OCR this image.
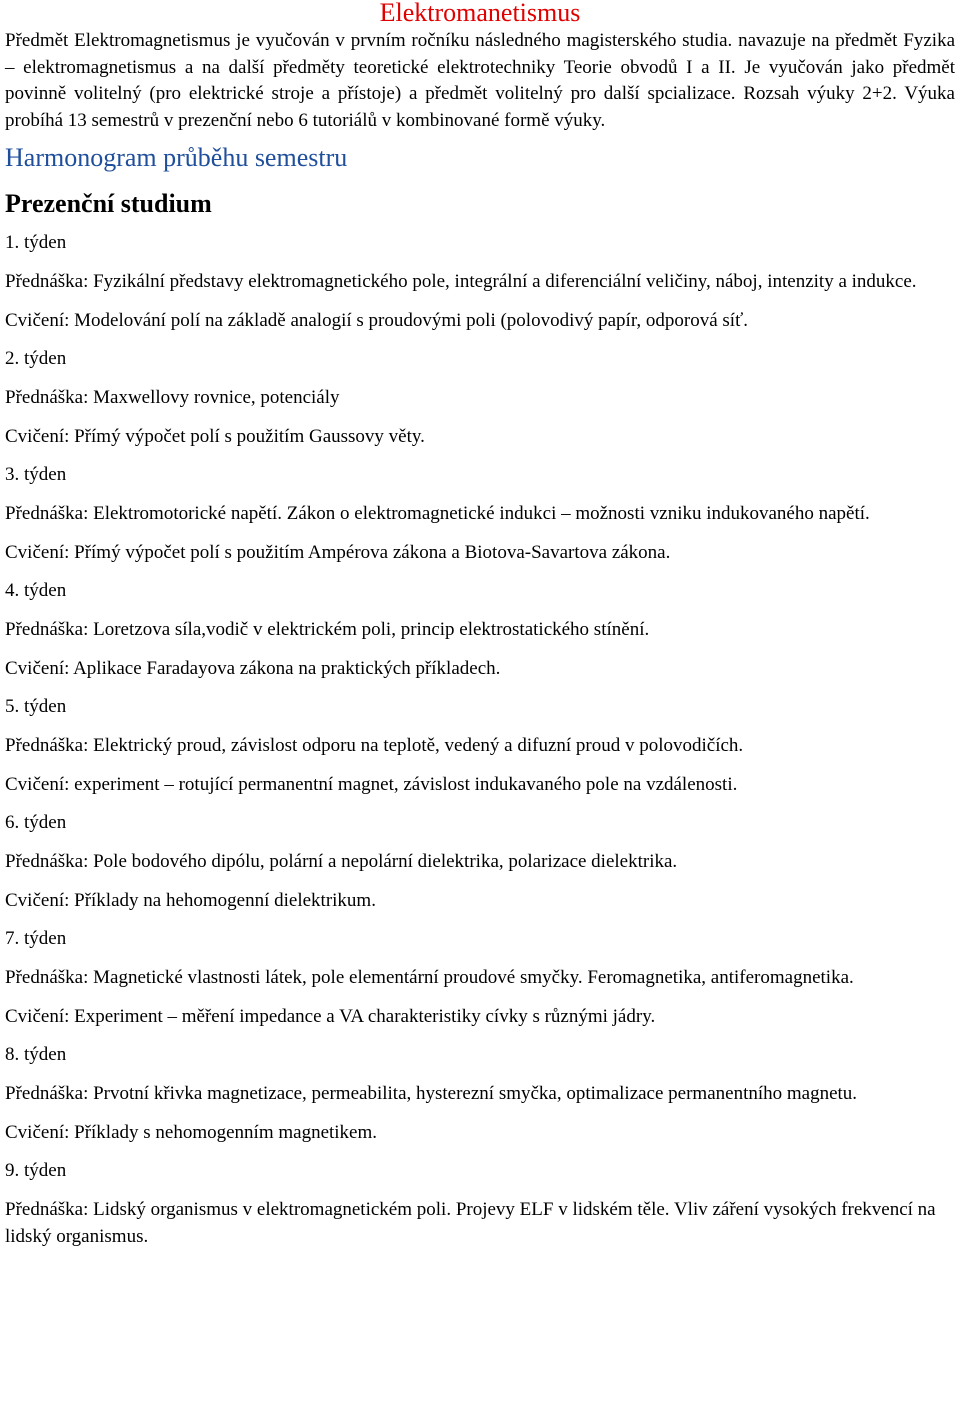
Elektromanetismus

Předmět Elektromagnetismus je vyučován v prvním ročníku následného magisterského studia. navazuje na předmět Fyzika – elektromagnetismus a na další předměty teoretické elektrotechniky Teorie obvodů I a II. Je vyučován jako předmět povinně volitelný (pro elektrické stroje a přístoje) a předmět volitelný pro další spcializace. Rozsah výuky 2+2. Výuka probíhá 13 semestrů v prezenční nebo 6 tutoriálů v kombinované formě výuky.

Harmonogram průběhu semestru
Prezenční studium

1. týden

Přednáška: Fyzikální představy elektromagnetického pole, integrální a diferenciální veličiny, náboj, intenzity a indukce.

Cvičení: Modelování polí na základě analogií s proudovými poli (polovodivý papír, odporová síť.

2. týden

Přednáška: Maxwellovy rovnice, potenciály

Cvičení: Přímý výpočet polí s použitím Gaussovy věty.

3. týden

Přednáška: Elektromotorické napětí. Zákon o elektromagnetické indukci – možnosti vzniku indukovaného napětí.

Cvičení: Přímý výpočet polí s použitím Ampérova zákona a Biotova-Savartova zákona.

4. týden

Přednáška: Loretzova síla,vodič v elektrickém poli, princip elektrostatického stínění.

Cvičení: Aplikace Faradayova zákona na praktických příkladech.

5. týden

Přednáška: Elektrický proud, závislost odporu na teplotě, vedený a difuzní proud v polovodičích.

Cvičení: experiment – rotující permanentní magnet, závislost indukavaného pole na vzdálenosti.

6. týden

Přednáška: Pole bodového dipólu, polární a nepolární dielektrika, polarizace dielektrika.

Cvičení: Příklady na hehomogenní dielektrikum.

7. týden

Přednáška: Magnetické vlastnosti látek, pole elementární proudové smyčky. Feromagnetika, antiferomagnetika.

Cvičení: Experiment – měření impedance a VA charakteristiky cívky s různými jádry.

8. týden

Přednáška: Prvotní křivka magnetizace, permeabilita, hysterezní smyčka, optimalizace permanentního magnetu.

Cvičení: Příklady s nehomogenním magnetikem.

9. týden

Přednáška: Lidský organismus v elektromagnetickém poli. Projevy ELF v lidském těle. Vliv záření vysokých frekvencí na lidský organismus.
